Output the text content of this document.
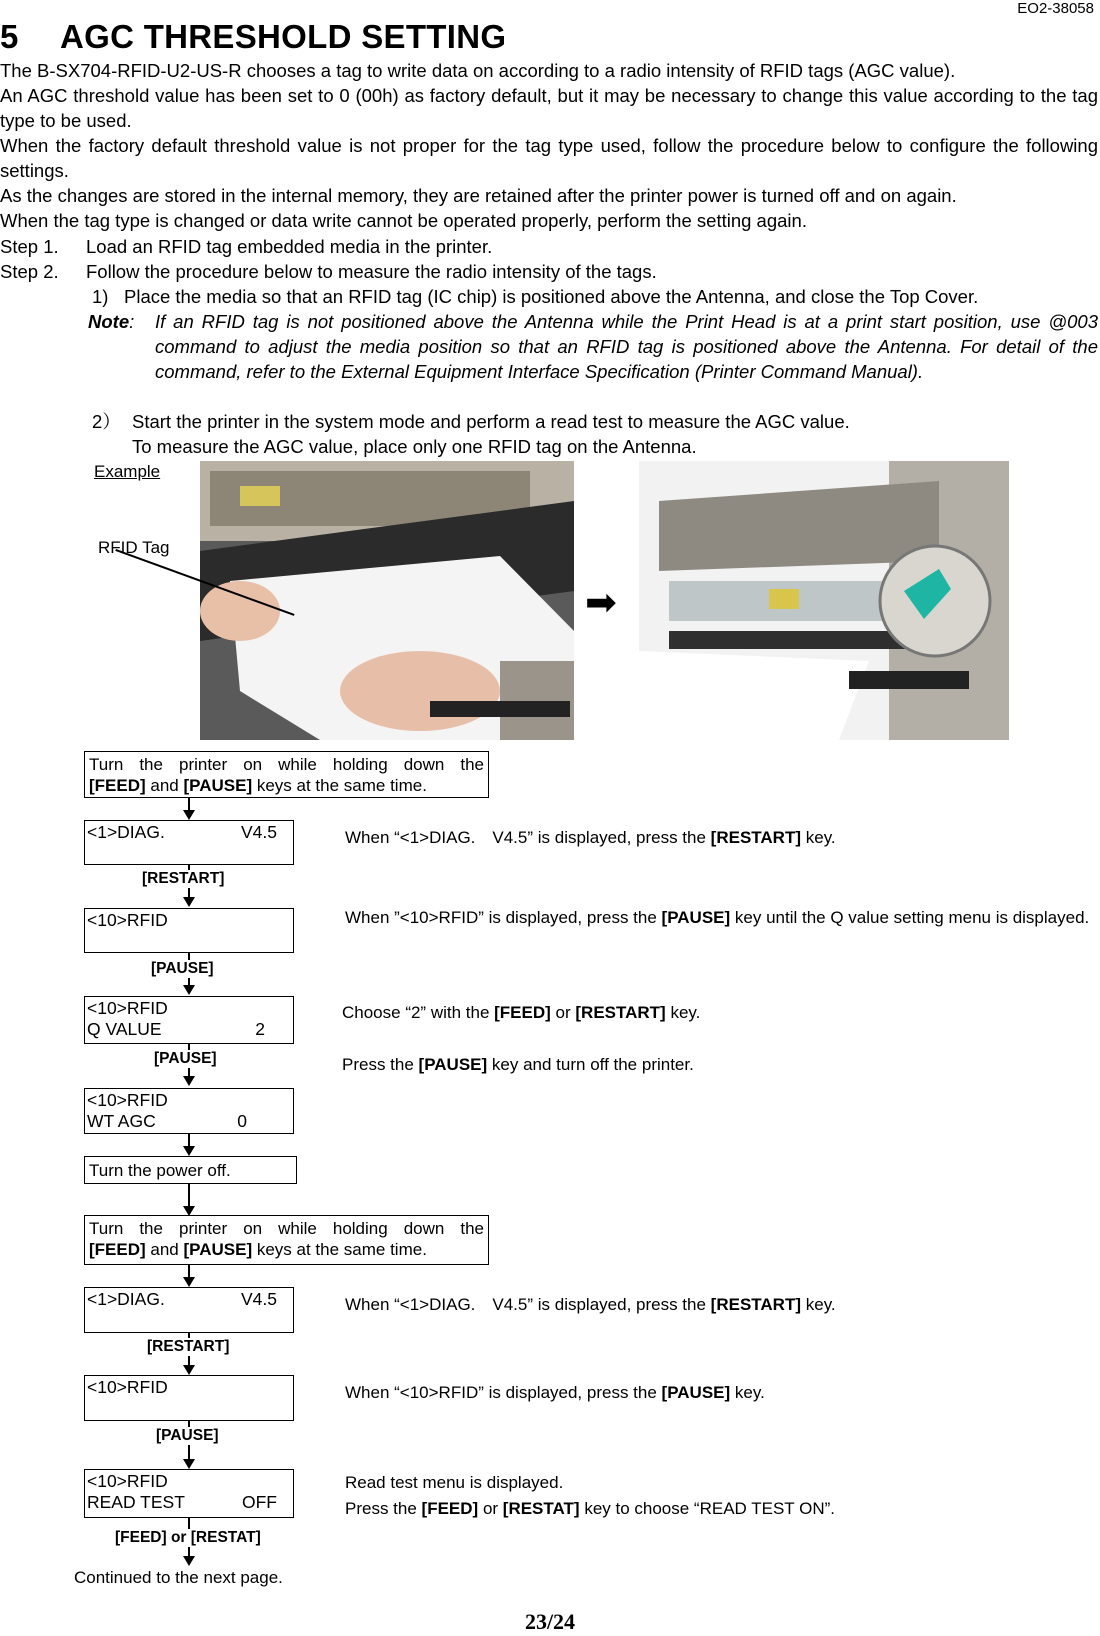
EO2-38058
5 AGC THRESHOLD SETTING
The B-SX704-RFID-U2-US-R chooses a tag to write data on according to a radio intensity of RFID tags (AGC value).
An AGC threshold value has been set to 0 (00h) as factory default, but it may be necessary to change this value according to the tag type to be used.
When the factory default threshold value is not proper for the tag type used, follow the procedure below to configure the following settings.
As the changes are stored in the internal memory, they are retained after the printer power is turned off and on again.
When the tag type is changed or data write cannot be operated properly, perform the setting again.
Step 1. Load an RFID tag embedded media in the printer.
Step 2. Follow the procedure below to measure the radio intensity of the tags.
1) Place the media so that an RFID tag (IC chip) is positioned above the Antenna, and close the Top Cover.
Note: If an RFID tag is not positioned above the Antenna while the Print Head is at a print start position, use @003 command to adjust the media position so that an RFID tag is positioned above the Antenna. For detail of the command, refer to the External Equipment Interface Specification (Printer Command Manual).
2） Start the printer in the system mode and perform a read test to measure the AGC value.
To measure the AGC value, place only one RFID tag on the Antenna.
Example
RFID Tag
➡
Turn the printer on while holding down the
[FEED] and [PAUSE] keys at the same time.
<1>DIAG.	V4.5	When “<1>DIAG.　V4.5” is displayed, press the [RESTART] key.
[RESTART]
<10>RFID	When ”<10>RFID” is displayed, press the [PAUSE] key until the Q value setting menu is displayed.
[PAUSE]
<10>RFID
Q VALUE	2
Choose “2” with the [FEED] or [RESTART] key.
[PAUSE]	Press the [PAUSE] key and turn off the printer.
<10>RFID
WT AGC	0
Turn the power off.
Turn the printer on while holding down the
[FEED] and [PAUSE] keys at the same time.
<1>DIAG.	V4.5	When “<1>DIAG.　V4.5” is displayed, press the [RESTART] key.
[RESTART]
<10>RFID	When “<10>RFID” is displayed, press the [PAUSE] key.
[PAUSE]
<10>RFID
READ TEST	OFF
Read test menu is displayed.
Press the [FEED] or [RESTAT] key to choose “READ TEST ON”.
[FEED] or [RESTAT]
Continued to the next page.
23/24
